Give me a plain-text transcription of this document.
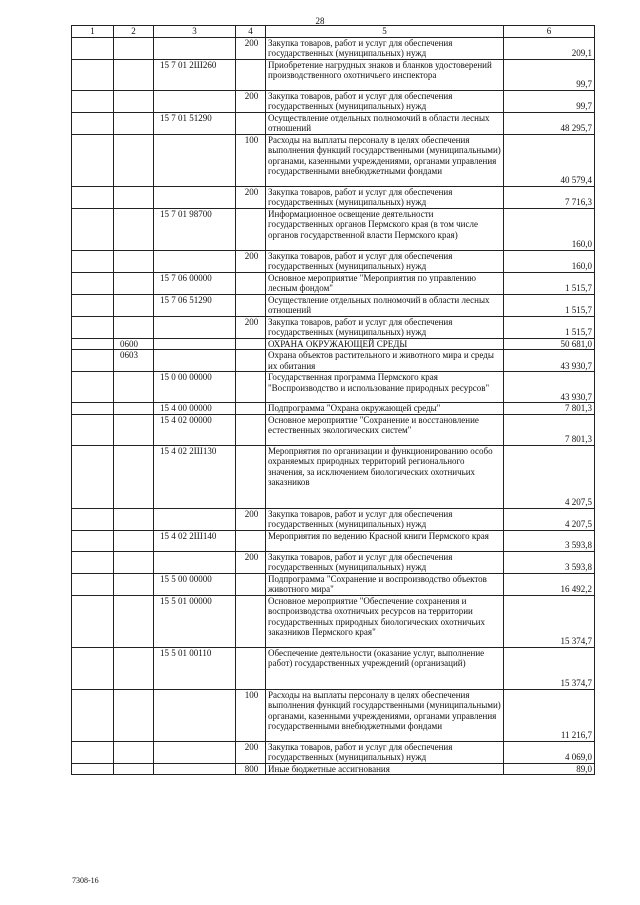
28
1	2	3	4	5	6
			200	Закупка товаров, работ и услуг для обеспечения государственных (муниципальных) нужд	209,1
		15 7 01 2Ш260		Приобретение нагрудных знаков и бланков удостоверений производственного охотничьего инспектора	99,7
			200	Закупка товаров, работ и услуг для обеспечения государственных (муниципальных) нужд	99,7
		15 7 01 51290		Осуществление отдельных полномочий в области лесных отношений	48 295,7
			100	Расходы на выплаты персоналу в целях обеспечения выполнения функций государственными (муниципальными) органами, казенными учреждениями, органами управления государственными внебюджетными фондами	40 579,4
			200	Закупка товаров, работ и услуг для обеспечения государственных (муниципальных) нужд	7 716,3
		15 7 01 98700		Информационное освещение деятельности государственных органов Пермского края (в том числе органов государственной власти Пермского края)	160,0
			200	Закупка товаров, работ и услуг для обеспечения государственных (муниципальных) нужд	160,0
		15 7 06 00000		Основное мероприятие "Мероприятия по управлению лесным фондом"	1 515,7
		15 7 06 51290		Осуществление отдельных полномочий в области лесных отношений	1 515,7
			200	Закупка товаров, работ и услуг для обеспечения государственных (муниципальных) нужд	1 515,7
	0600			ОХРАНА ОКРУЖАЮЩЕЙ СРЕДЫ	50 681,0
	0603			Охрана объектов растительного и животного мира и среды их обитания	43 930,7
		15 0 00 00000		Государственная программа Пермского края "Воспроизводство и использование природных ресурсов"	43 930,7
		15 4 00 00000		Подпрограмма "Охрана окружающей среды"	7 801,3
		15 4 02 00000		Основное мероприятие "Сохранение и восстановление естественных экологических систем"	7 801,3
		15 4 02 2Ш130		Мероприятия по организации и функционированию особо охраняемых природных территорий регионального значения, за исключением биологических охотничьих заказников	4 207,5
			200	Закупка товаров, работ и услуг для обеспечения государственных (муниципальных) нужд	4 207,5
		15 4 02 2Ш140		Мероприятия по ведению Красной книги Пермского края	3 593,8
			200	Закупка товаров, работ и услуг для обеспечения государственных (муниципальных) нужд	3 593,8
		15 5 00 00000		Подпрограмма "Сохранение и воспроизводство объектов животного мира"	16 492,2
		15 5 01 00000		Основное мероприятие "Обеспечение сохранения и воспроизводства охотничьих ресурсов на территории государственных природных биологических охотничьих заказников Пермского края"	15 374,7
		15 5 01 00110		Обеспечение деятельности (оказание услуг, выполнение работ) государственных учреждений (организаций)	15 374,7
			100	Расходы на выплаты персоналу в целях обеспечения выполнения функций государственными (муниципальными) органами, казенными учреждениями, органами управления государственными внебюджетными фондами	11 216,7
			200	Закупка товаров, работ и услуг для обеспечения государственных (муниципальных) нужд	4 069,0
			800	Иные бюджетные ассигнования	89,0
7308-16
